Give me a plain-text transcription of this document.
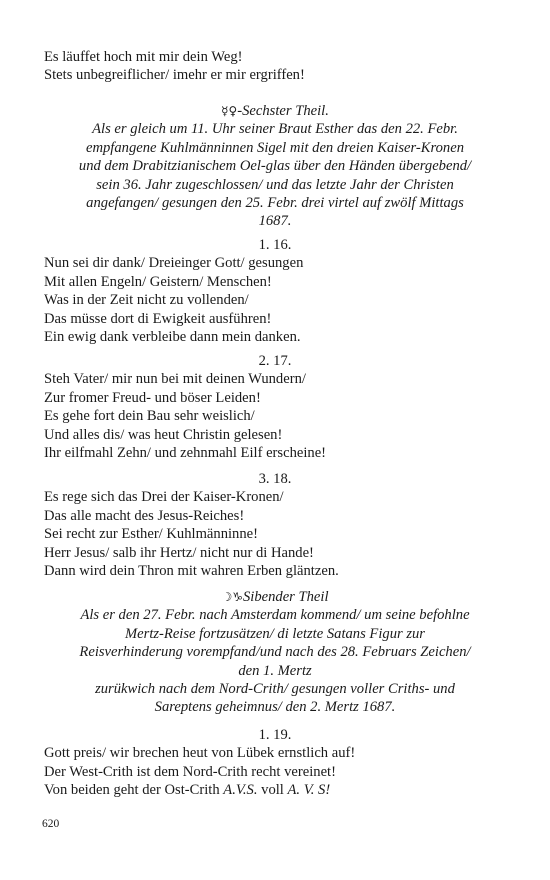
Es läuffet hoch mit mir dein Weg!
Stets unbegreiflicher/ imehr er mir ergriffen!
☿♀-Sechster Theil.
Als er gleich um 11. Uhr seiner Braut Esther das den 22. Febr.
empfangene Kuhlmänninnen Sigel mit den dreien Kaiser-Kronen
und dem Drabitzianischem Oel-glas über den Händen übergebend/
sein 36. Jahr zugeschlossen/ und das letzte Jahr der Christen
angefangen/ gesungen den 25. Febr. drei virtel auf zwölf Mittags
1687.
1. 16.
Nun sei dir dank/ Dreieinger Gott/ gesungen
Mit allen Engeln/ Geistern/ Menschen!
Was in der Zeit nicht zu vollenden/
Das müsse dort di Ewigkeit ausführen!
Ein ewig dank verbleibe dann mein danken.
2. 17.
Steh Vater/ mir nun bei mit deinen Wundern/
Zur fromer Freud- und böser Leiden!
Es gehe fort dein Bau sehr weislich/
Und alles dis/ was heut Christin gelesen!
Ihr eilfmahl Zehn/ und zehnmahl Eilf erscheine!
3. 18.
Es rege sich das Drei der Kaiser-Kronen/
Das alle macht des Jesus-Reiches!
Sei recht zur Esther/ Kuhlmänninne!
Herr Jesus/ salb ihr Hertz/ nicht nur di Hande!
Dann wird dein Thron mit wahren Erben gläntzen.
☽♑Sibender Theil
Als er den 27. Febr. nach Amsterdam kommend/ um seine befohlne
Mertz-Reise fortzusätzen/ di letzte Satans Figur zur
Reisverhinderung vorempfand/und nach des 28. Februars Zeichen/
den 1. Mertz
zurükwich nach dem Nord-Crith/ gesungen voller Criths- und
Sareptens geheimnus/ den 2. Mertz 1687.
1. 19.
Gott preis/ wir brechen heut von Lübek ernstlich auf!
Der West-Crith ist dem Nord-Crith recht vereinet!
Von beiden geht der Ost-Crith A.V.S. voll A. V. S!
620
